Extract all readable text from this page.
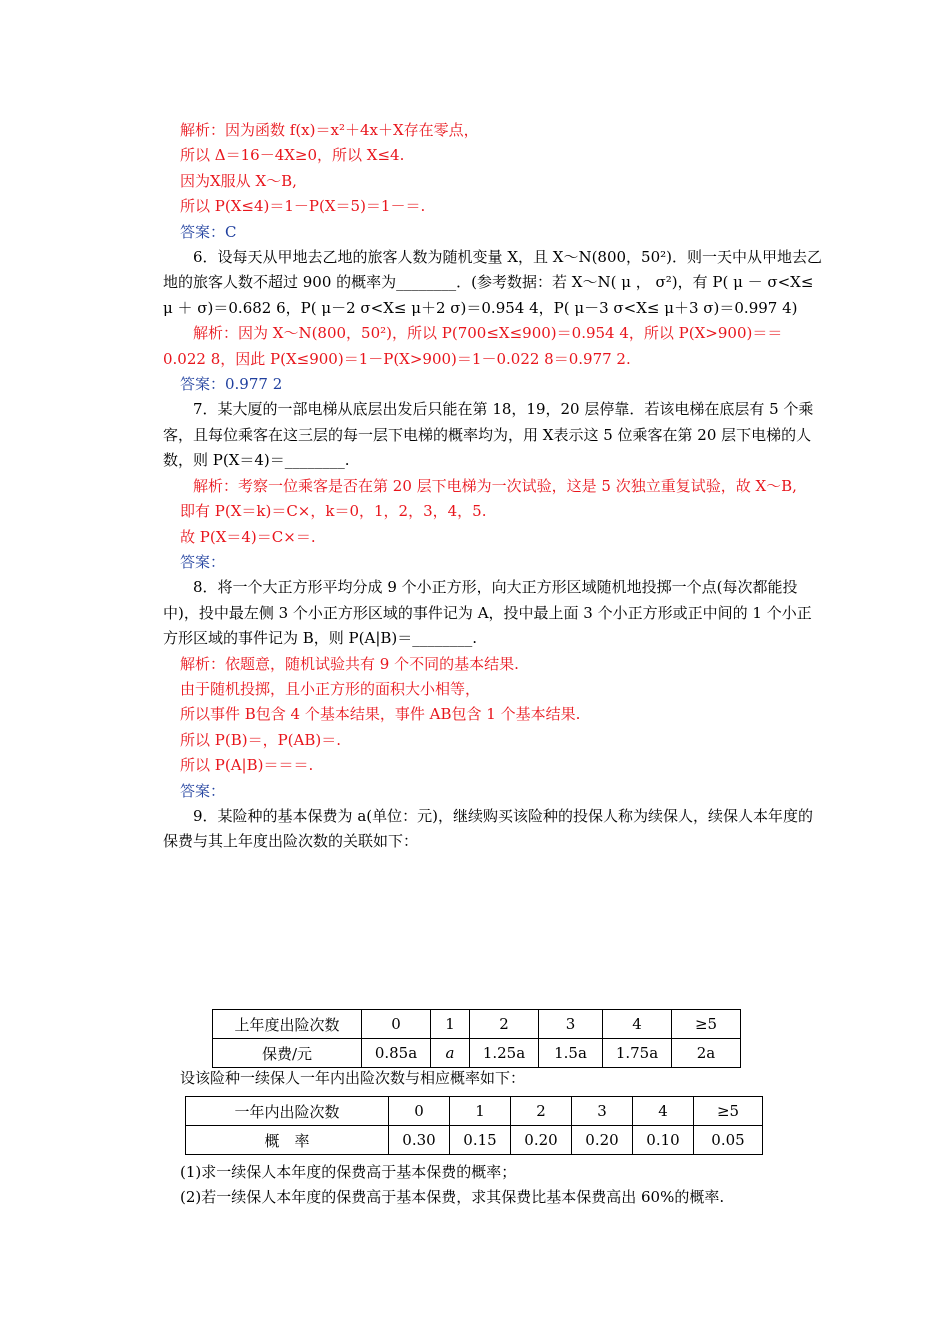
解析：因为函数 f(x)＝x²＋4x＋X存在零点，
所以 Δ＝16－4X≥0，所以 X≤4.
因为X服从 X～B,
所以 P(X≤4)＝1－P(X＝5)＝1－＝.
答案：C
6．设每天从甲地去乙地的旅客人数为随机变量 X，且 X～N(800，50²)．则一天中从甲地去乙地的旅客人数不超过 900 的概率为________．(参考数据：若 X～N( μ ， σ²)，有 P( μ － σ<X≤ μ ＋ σ)＝0.682 6，P( μ－2 σ<X≤ μ＋2 σ)＝0.954 4，P( μ－3 σ<X≤ μ＋3 σ)＝0.997 4)
解析：因为 X～N(800，50²)，所以 P(700≤X≤900)＝0.954 4，所以 P(X>900)＝＝0.022 8，因此 P(X≤900)＝1－P(X>900)＝1－0.022 8＝0.977 2.
答案：0.977 2
7．某大厦的一部电梯从底层出发后只能在第 18，19，20 层停靠．若该电梯在底层有 5 个乘客，且每位乘客在这三层的每一层下电梯的概率均为，用 X表示这 5 位乘客在第 20 层下电梯的人数，则 P(X＝4)＝________.
解析：考察一位乘客是否在第 20 层下电梯为一次试验，这是 5 次独立重复试验，故 X～B,
即有 P(X＝k)＝C×，k＝0，1，2，3，4，5.
故 P(X＝4)＝C×＝.
答案：
8．将一个大正方形平均分成 9 个小正方形，向大正方形区域随机地投掷一个点(每次都能投中)，投中最左侧 3 个小正方形区域的事件记为 A，投中最上面 3 个小正方形或正中间的 1 个小正方形区域的事件记为 B，则 P(A|B)＝________.
解析：依题意，随机试验共有 9 个不同的基本结果.
由于随机投掷，且小正方形的面积大小相等，
所以事件 B包含 4 个基本结果，事件 AB包含 1 个基本结果.
所以 P(B)＝，P(AB)＝.
所以 P(A|B)＝＝＝.
答案：
9．某险种的基本保费为 a(单位：元)，继续购买该险种的投保人称为续保人，续保人本年度的保费与其上年度出险次数的关联如下：
上年度出险次数	0	1	2	3	4	≥5
保费/元	0.85a	a	1.25a	1.5a	1.75a	2a
设该险种一续保人一年内出险次数与相应概率如下：
一年内出险次数	0	1	2	3	4	≥5
概　率	0.30	0.15	0.20	0.20	0.10	0.05
(1)求一续保人本年度的保费高于基本保费的概率；
(2)若一续保人本年度的保费高于基本保费，求其保费比基本保费高出 60%的概率.
